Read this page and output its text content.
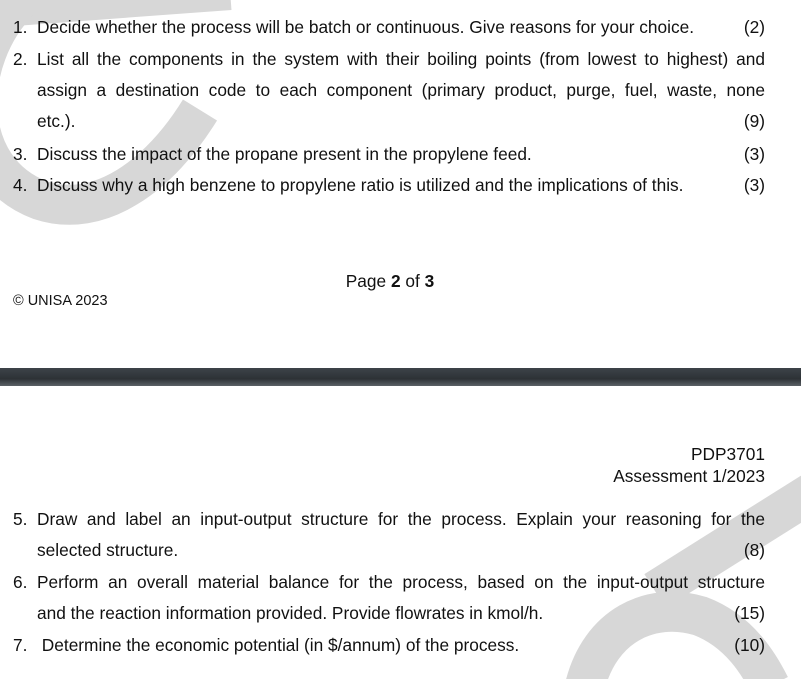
1. Decide whether the process will be batch or continuous. Give reasons for your choice.	(2)
2. List all the components in the system with their boiling points (from lowest to highest) and
assign a destination code to each component (primary product, purge, fuel, waste, none
etc.).	(9)
3. Discuss the impact of the propane present in the propylene feed.	(3)
4. Discuss why a high benzene to propylene ratio is utilized and the implications of this.	(3)
Page 2 of 3
© UNISA 2023
PDP3701
Assessment 1/2023
5. Draw and label an input-output structure for the process. Explain your reasoning for the
selected structure.	(8)
6. Perform an overall material balance for the process, based on the input-output structure
and the reaction information provided. Provide flowrates in kmol/h.	(15)
7. Determine the economic potential (in $/annum) of the process.	(10)
